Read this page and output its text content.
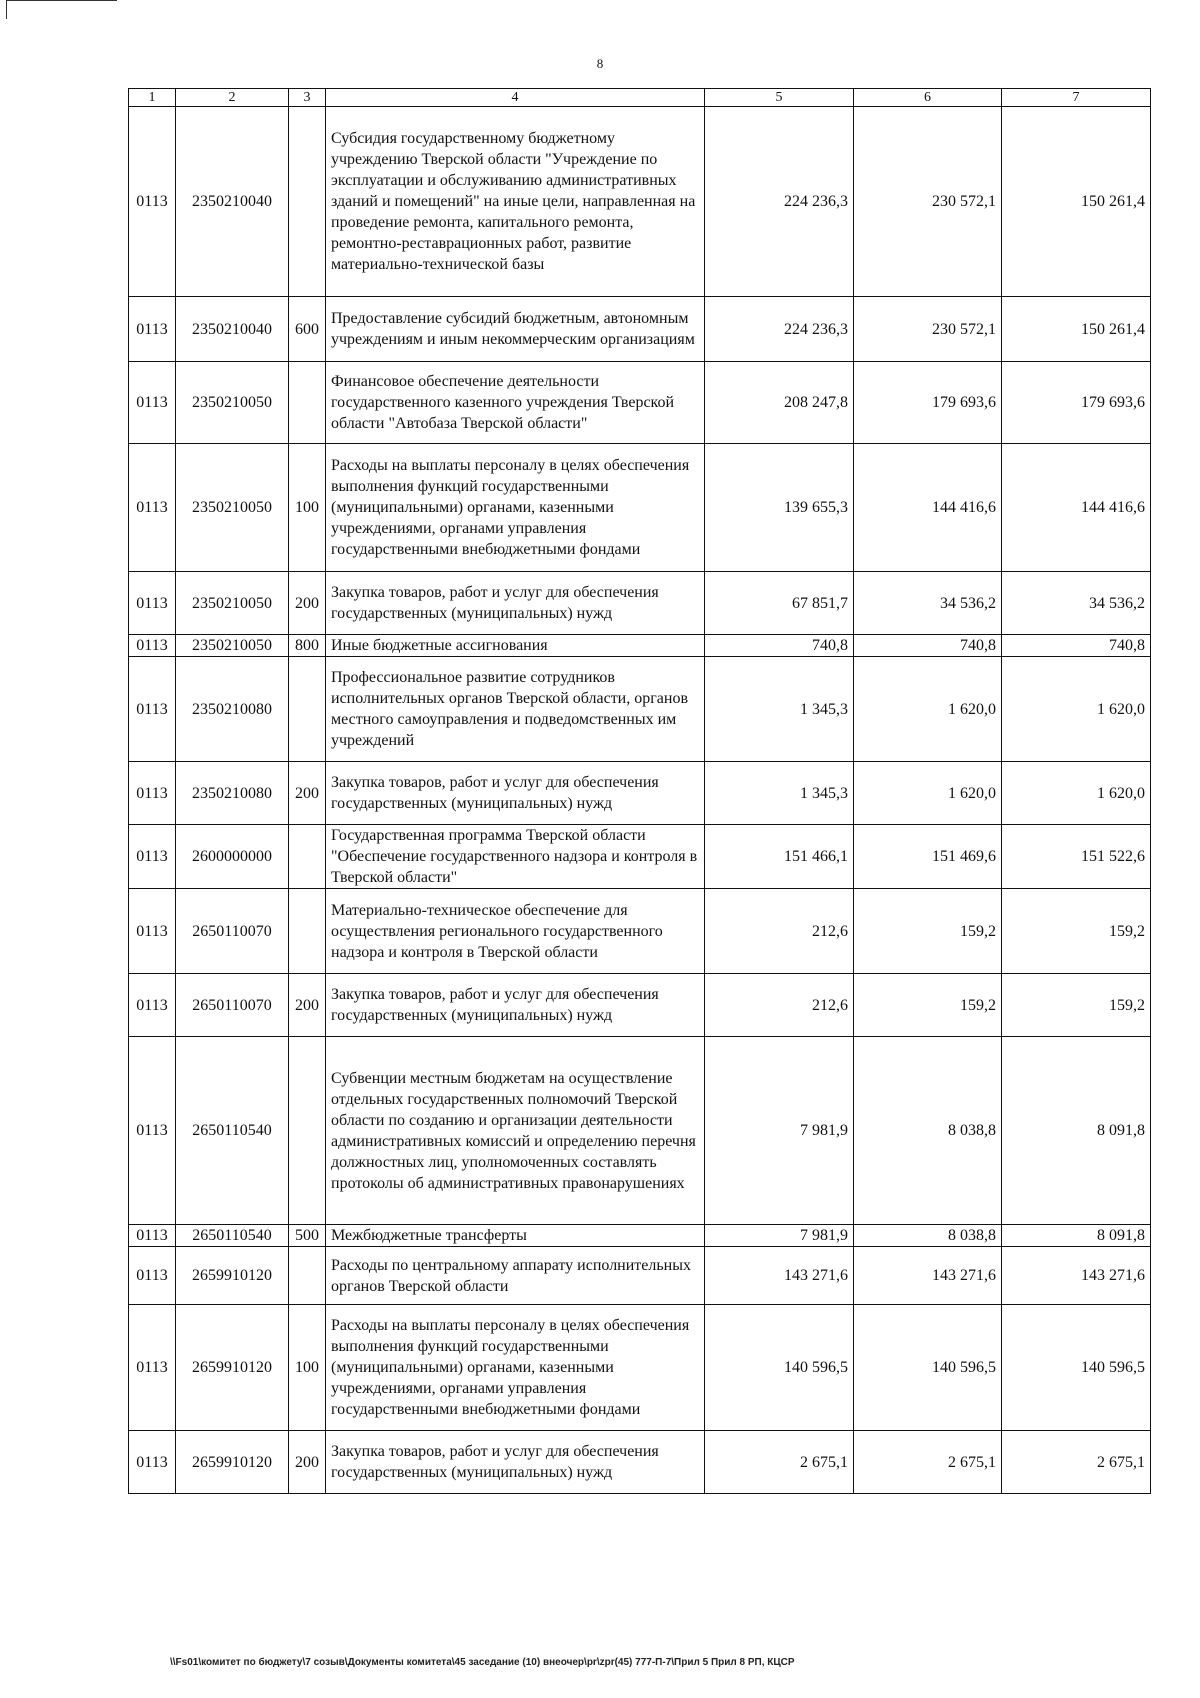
8
1	2	3	4	5	6	7
0113	2350210040		Субсидия государственному бюджетному учреждению Тверской области "Учреждение по эксплуатации и обслуживанию административных зданий и помещений" на иные цели, направленная на проведение ремонта, капитального ремонта, ремонтно-реставрационных работ, развитие материально-технической базы	224 236,3	230 572,1	150 261,4
0113	2350210040	600	Предоставление субсидий бюджетным, автономным учреждениям и иным некоммерческим организациям	224 236,3	230 572,1	150 261,4
0113	2350210050		Финансовое обеспечение деятельности государственного казенного учреждения Тверской области "Автобаза Тверской области"	208 247,8	179 693,6	179 693,6
0113	2350210050	100	Расходы на выплаты персоналу в целях обеспечения выполнения функций государственными (муниципальными) органами, казенными учреждениями, органами управления государственными внебюджетными фондами	139 655,3	144 416,6	144 416,6
0113	2350210050	200	Закупка товаров, работ и услуг для обеспечения государственных (муниципальных) нужд	67 851,7	34 536,2	34 536,2
0113	2350210050	800	Иные бюджетные ассигнования	740,8	740,8	740,8
0113	2350210080		Профессиональное развитие сотрудников исполнительных органов Тверской области, органов местного самоуправления и подведомственных им учреждений	1 345,3	1 620,0	1 620,0
0113	2350210080	200	Закупка товаров, работ и услуг для обеспечения государственных (муниципальных) нужд	1 345,3	1 620,0	1 620,0
0113	2600000000		Государственная программа Тверской области "Обеспечение государственного надзора и контроля в Тверской области"	151 466,1	151 469,6	151 522,6
0113	2650110070		Материально-техническое обеспечение для осуществления регионального государственного надзора и контроля в Тверской области	212,6	159,2	159,2
0113	2650110070	200	Закупка товаров, работ и услуг для обеспечения государственных (муниципальных) нужд	212,6	159,2	159,2
0113	2650110540		Субвенции местным бюджетам на осуществление отдельных государственных полномочий Тверской области по созданию и организации деятельности административных комиссий и определению перечня должностных лиц, уполномоченных составлять протоколы об административных правонарушениях	7 981,9	8 038,8	8 091,8
0113	2650110540	500	Межбюджетные трансферты	7 981,9	8 038,8	8 091,8
0113	2659910120		Расходы по центральному аппарату исполнительных органов Тверской области	143 271,6	143 271,6	143 271,6
0113	2659910120	100	Расходы на выплаты персоналу в целях обеспечения выполнения функций государственными (муниципальными) органами, казенными учреждениями, органами управления государственными внебюджетными фондами	140 596,5	140 596,5	140 596,5
0113	2659910120	200	Закупка товаров, работ и услуг для обеспечения государственных (муниципальных) нужд	2 675,1	2 675,1	2 675,1
\\Fs01\комитет по бюджету\7 созыв\Документы комитета\45 заседание (10) внеочер\pr\zpr(45) 777-П-7\Прил 5 Прил 8 РП, КЦСР
